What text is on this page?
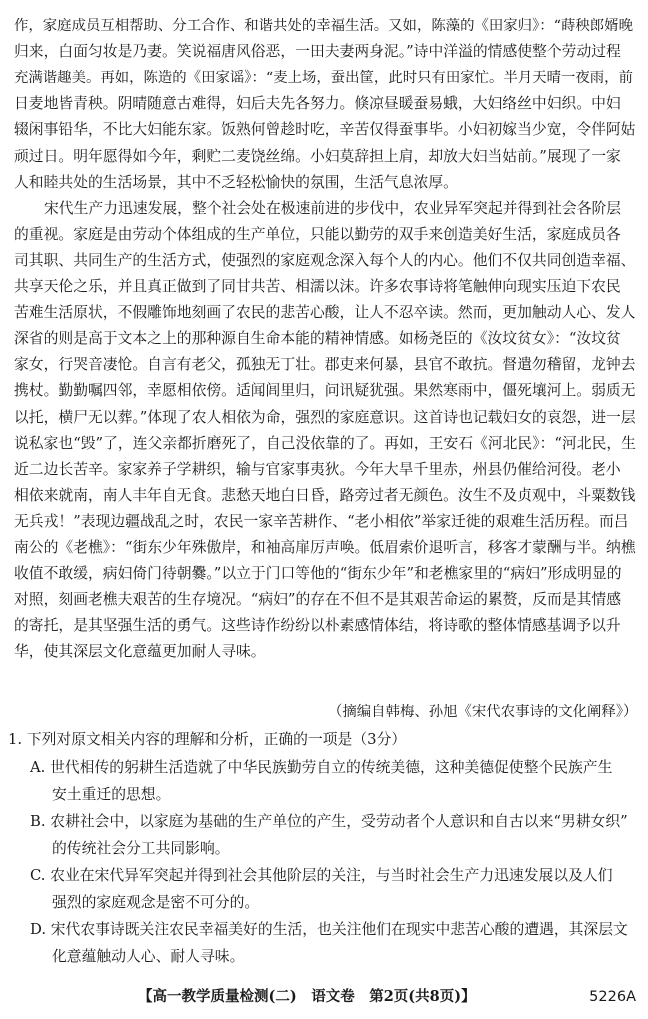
作，家庭成员互相帮助、分工合作、和谐共处的幸福生活。又如，陈藻的《田家归》：“蒔秧郎婿晚
归来，白面匀妆是乃妻。笑说福唐风俗恶，一田夫妻两身泥。”诗中洋溢的情感使整个劳动过程
充满谐趣美。再如，陈造的《田家谣》：“麦上场，蚕出筐，此时只有田家忙。半月天晴一夜雨，前
日麦地皆青秧。阴晴随意古难得，妇后夫先各努力。倏凉昼暖蚕易蛾，大妇络丝中妇织。中妇
辍闲事铅华，不比大妇能东家。饭熟何曾趁时吃，辛苦仅得蚕事毕。小妇初嫁当少宽，令伴阿姑
顽过日。明年愿得如今年，剩贮二麦饶丝绵。小妇莫辞担上肩，却放大妇当姑前。”展现了一家
人和睦共处的生活场景，其中不乏轻松愉快的氛围，生活气息浓厚。
宋代生产力迅速发展，整个社会处在极速前进的步伐中，农业异军突起并得到社会各阶层
的重视。家庭是由劳动个体组成的生产单位，只能以勤劳的双手来创造美好生活，家庭成员各
司其职、共同生产的生活方式，使强烈的家庭观念深入每个人的内心。他们不仅共同创造幸福、
共享天伦之乐，并且真正做到了同甘共苦、相濡以沫。许多农事诗将笔触伸向现实压迫下农民
苦难生活原状，不假雕饰地刻画了农民的悲苦心酸，让人不忍卒读。然而，更加触动人心、发人
深省的则是高于文本之上的那种源自生命本能的精神情感。如杨尧臣的《汝坟贫女》：“汝坟贫
家女，行哭音凄怆。自言有老父，孤独无丁壮。郡吏来何暴，县官不敢抗。督遣勿稽留，龙钟去
携杖。勤勤嘱四邻，幸愿相依傍。适闻闾里归，问讯疑犹强。果然寒雨中，僵死壤河上。弱质无
以托，横尸无以葬。”体现了农人相依为命，强烈的家庭意识。这首诗也记载妇女的哀怨，进一层
说私家也“毁”了，连父亲都折磨死了，自己没依靠的了。再如，王安石《河北民》：“河北民，生
近二边长苦辛。家家养子学耕织，输与官家事夷狄。今年大旱千里赤，州县仍催给河役。老小
相依来就南，南人丰年自无食。悲愁天地白日昏，路旁过者无颜色。汝生不及贞观中，斗粟数钱
无兵戎！”表现边疆战乱之时，农民一家辛苦耕作、“老小相依”举家迁徙的艰难生活历程。而吕
南公的《老樵》：“街东少年殊傲岸，和袖高扉厉声唤。低眉索价退听言，移客才蒙酬与半。纳樵
收值不敢缓，病妇倚门待朝爨。”以立于门口等他的“街东少年”和老樵家里的“病妇”形成明显的
对照，刻画老樵夫艰苦的生存境况。“病妇”的存在不但不是其艰苦命运的累赘，反而是其情感
的寄托，是其坚强生活的勇气。这些诗作纷纷以朴素感情体结，将诗歌的整体情感基调予以升
华，使其深层文化意蕴更加耐人寻味。
（摘编自韩梅、孙旭《宋代农事诗的文化阐释》）
1. 下列对原文相关内容的理解和分析，正确的一项是（3分）
A. 世代相传的躬耕生活造就了中华民族勤劳自立的传统美德，这种美德促使整个民族产生
安土重迁的思想。
B. 农耕社会中，以家庭为基础的生产单位的产生，受劳动者个人意识和自古以来“男耕女织”
的传统社会分工共同影响。
C. 农业在宋代异军突起并得到社会其他阶层的关注，与当时社会生产力迅速发展以及人们
强烈的家庭观念是密不可分的。
D. 宋代农事诗既关注农民幸福美好的生活，也关注他们在现实中悲苦心酸的遭遇，其深层文
化意蕴触动人心、耐人寻味。
【高一教学质量检测(二)　语文卷　第2页(共8页)】	5226A
